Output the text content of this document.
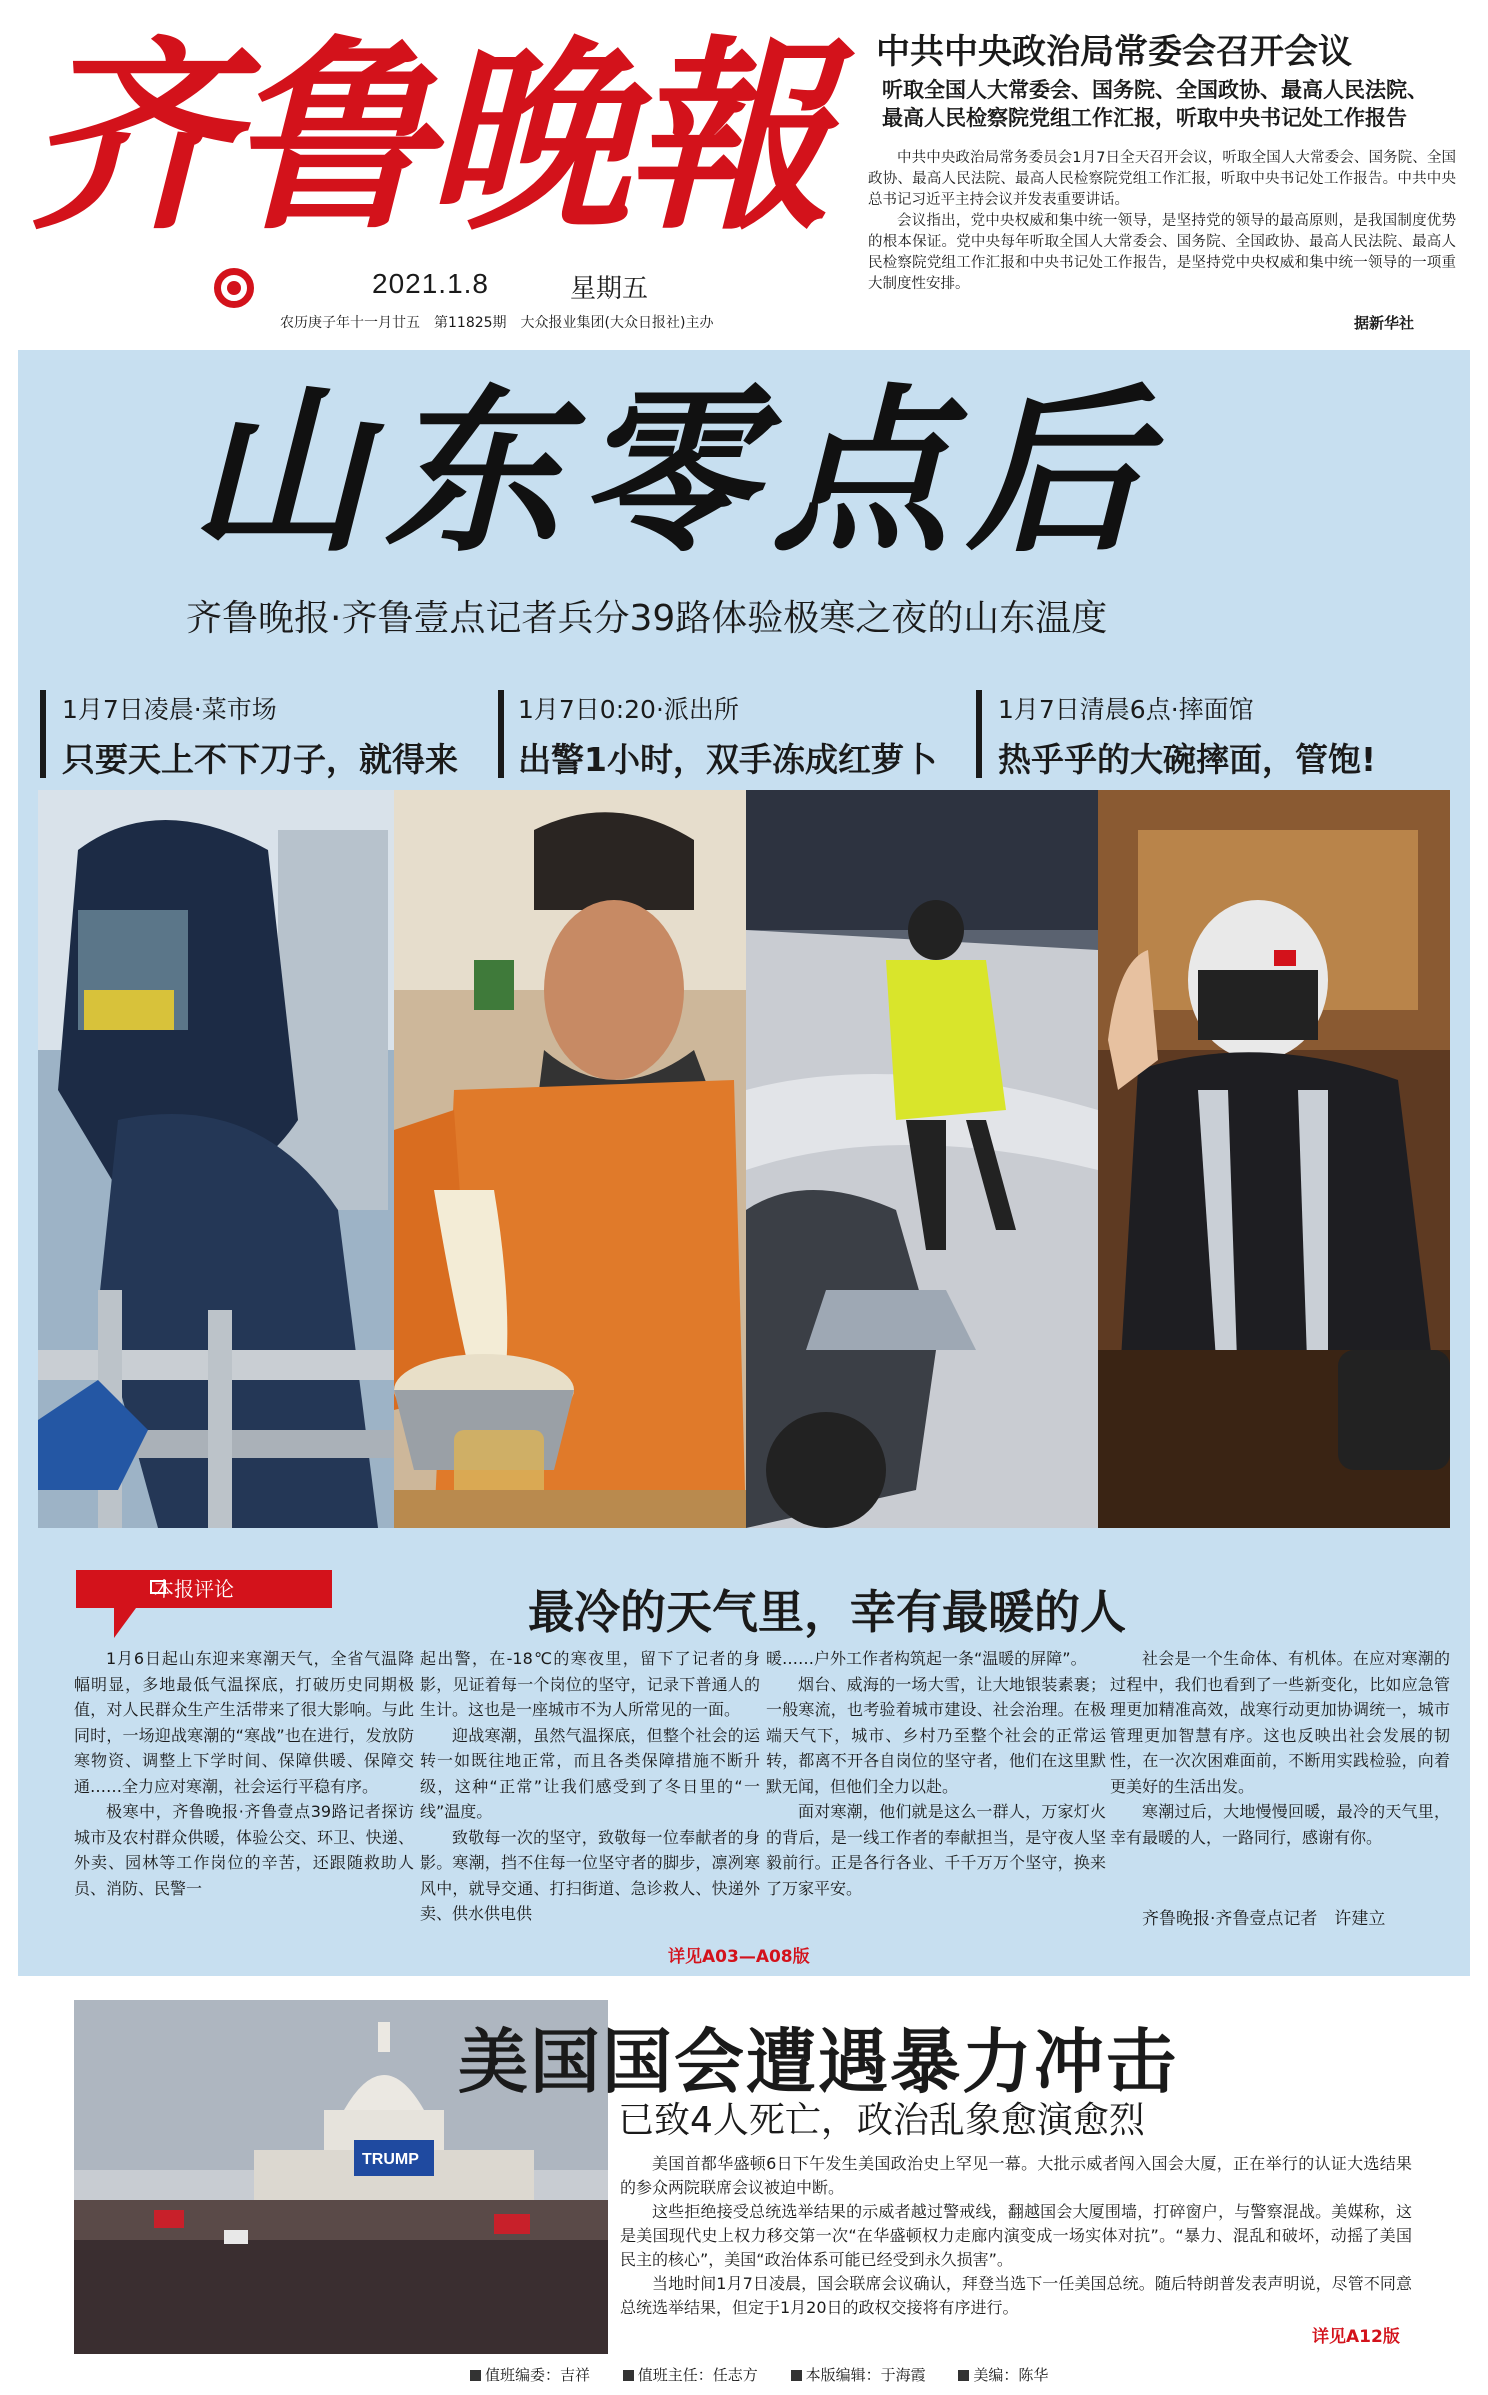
齐鲁晚報
2021.1.8	星期五
农历庚子年十一月廿五　第11825期　大众报业集团(大众日报社)主办
中共中央政治局常委会召开会议
听取全国人大常委会、国务院、全国政协、最高人民法院、
最高人民检察院党组工作汇报，听取中央书记处工作报告

中共中央政治局常务委员会1月7日全天召开会议，听取全国人大常委会、国务院、全国政协、最高人民法院、最高人民检察院党组工作汇报，听取中央书记处工作报告。中共中央总书记习近平主持会议并发表重要讲话。

会议指出，党中央权威和集中统一领导，是坚持党的领导的最高原则，是我国制度优势的根本保证。党中央每年听取全国人大常委会、国务院、全国政协、最高人民法院、最高人民检察院党组工作汇报和中央书记处工作报告，是坚持党中央权威和集中统一领导的一项重大制度性安排。

据新华社
山东零点后
齐鲁晚报·齐鲁壹点记者兵分39路体验极寒之夜的山东温度
1月7日凌晨·菜市场
只要天上不下刀子，就得来
1月7日0:20·派出所
出警1小时，双手冻成红萝卜
1月7日清晨6点·摔面馆
热乎乎的大碗摔面，管饱!
本报评论	最冷的天气里，幸有最暖的人

1月6日起山东迎来寒潮天气，全省气温降幅明显，多地最低气温探底，打破历史同期极值，对人民群众生产生活带来了很大影响。与此同时，一场迎战寒潮的“寒战”也在进行，发放防寒物资、调整上下学时间、保障供暖、保障交通……全力应对寒潮，社会运行平稳有序。

极寒中，齐鲁晚报·齐鲁壹点39路记者探访城市及农村群众供暖，体验公交、环卫、快递、外卖、园林等工作岗位的辛苦，还跟随救助人员、消防、民警一

起出警，在-18℃的寒夜里，留下了记者的身影，见证着每一个岗位的坚守，记录下普通人的生计。这也是一座城市不为人所常见的一面。

迎战寒潮，虽然气温探底，但整个社会的运转一如既往地正常，而且各类保障措施不断升级，这种“正常”让我们感受到了冬日里的“一线”温度。

致敬每一次的坚守，致敬每一位奉献者的身影。寒潮，挡不住每一位坚守者的脚步，凛冽寒风中，就导交通、打扫街道、急诊救人、快递外卖、供水供电供

暖……户外工作者构筑起一条“温暖的屏障”。

烟台、威海的一场大雪，让大地银装素裹；一般寒流，也考验着城市建设、社会治理。在极端天气下，城市、乡村乃至整个社会的正常运转，都离不开各自岗位的坚守者，他们在这里默默无闻，但他们全力以赴。

面对寒潮，他们就是这么一群人，万家灯火的背后，是一线工作者的奉献担当，是守夜人坚毅前行。正是各行各业、千千万万个坚守，换来了万家平安。

社会是一个生命体、有机体。在应对寒潮的过程中，我们也看到了一些新变化，比如应急管理更加精准高效，战寒行动更加协调统一，城市管理更加智慧有序。这也反映出社会发展的韧性，在一次次困难面前，不断用实践检验，向着更美好的生活出发。

寒潮过后，大地慢慢回暖，最冷的天气里，幸有最暖的人，一路同行，感谢有你。

齐鲁晚报·齐鲁壹点记者　许建立
详见A03—A08版
TRUMP
美国国会遭遇暴力冲击
已致4人死亡，政治乱象愈演愈烈

美国首都华盛顿6日下午发生美国政治史上罕见一幕。大批示威者闯入国会大厦，正在举行的认证大选结果的参众两院联席会议被迫中断。

这些拒绝接受总统选举结果的示威者越过警戒线，翻越国会大厦围墙，打碎窗户，与警察混战。美媒称，这是美国现代史上权力移交第一次“在华盛顿权力走廊内演变成一场实体对抗”。“暴力、混乱和破坏，动摇了美国民主的核心”，美国“政治体系可能已经受到永久损害”。

当地时间1月7日凌晨，国会联席会议确认，拜登当选下一任美国总统。随后特朗普发表声明说，尽管不同意总统选举结果，但定于1月20日的政权交接将有序进行。

详见A12版
值班编委：吉祥	值班主任：任志方	本版编辑：于海霞	美编：陈华
